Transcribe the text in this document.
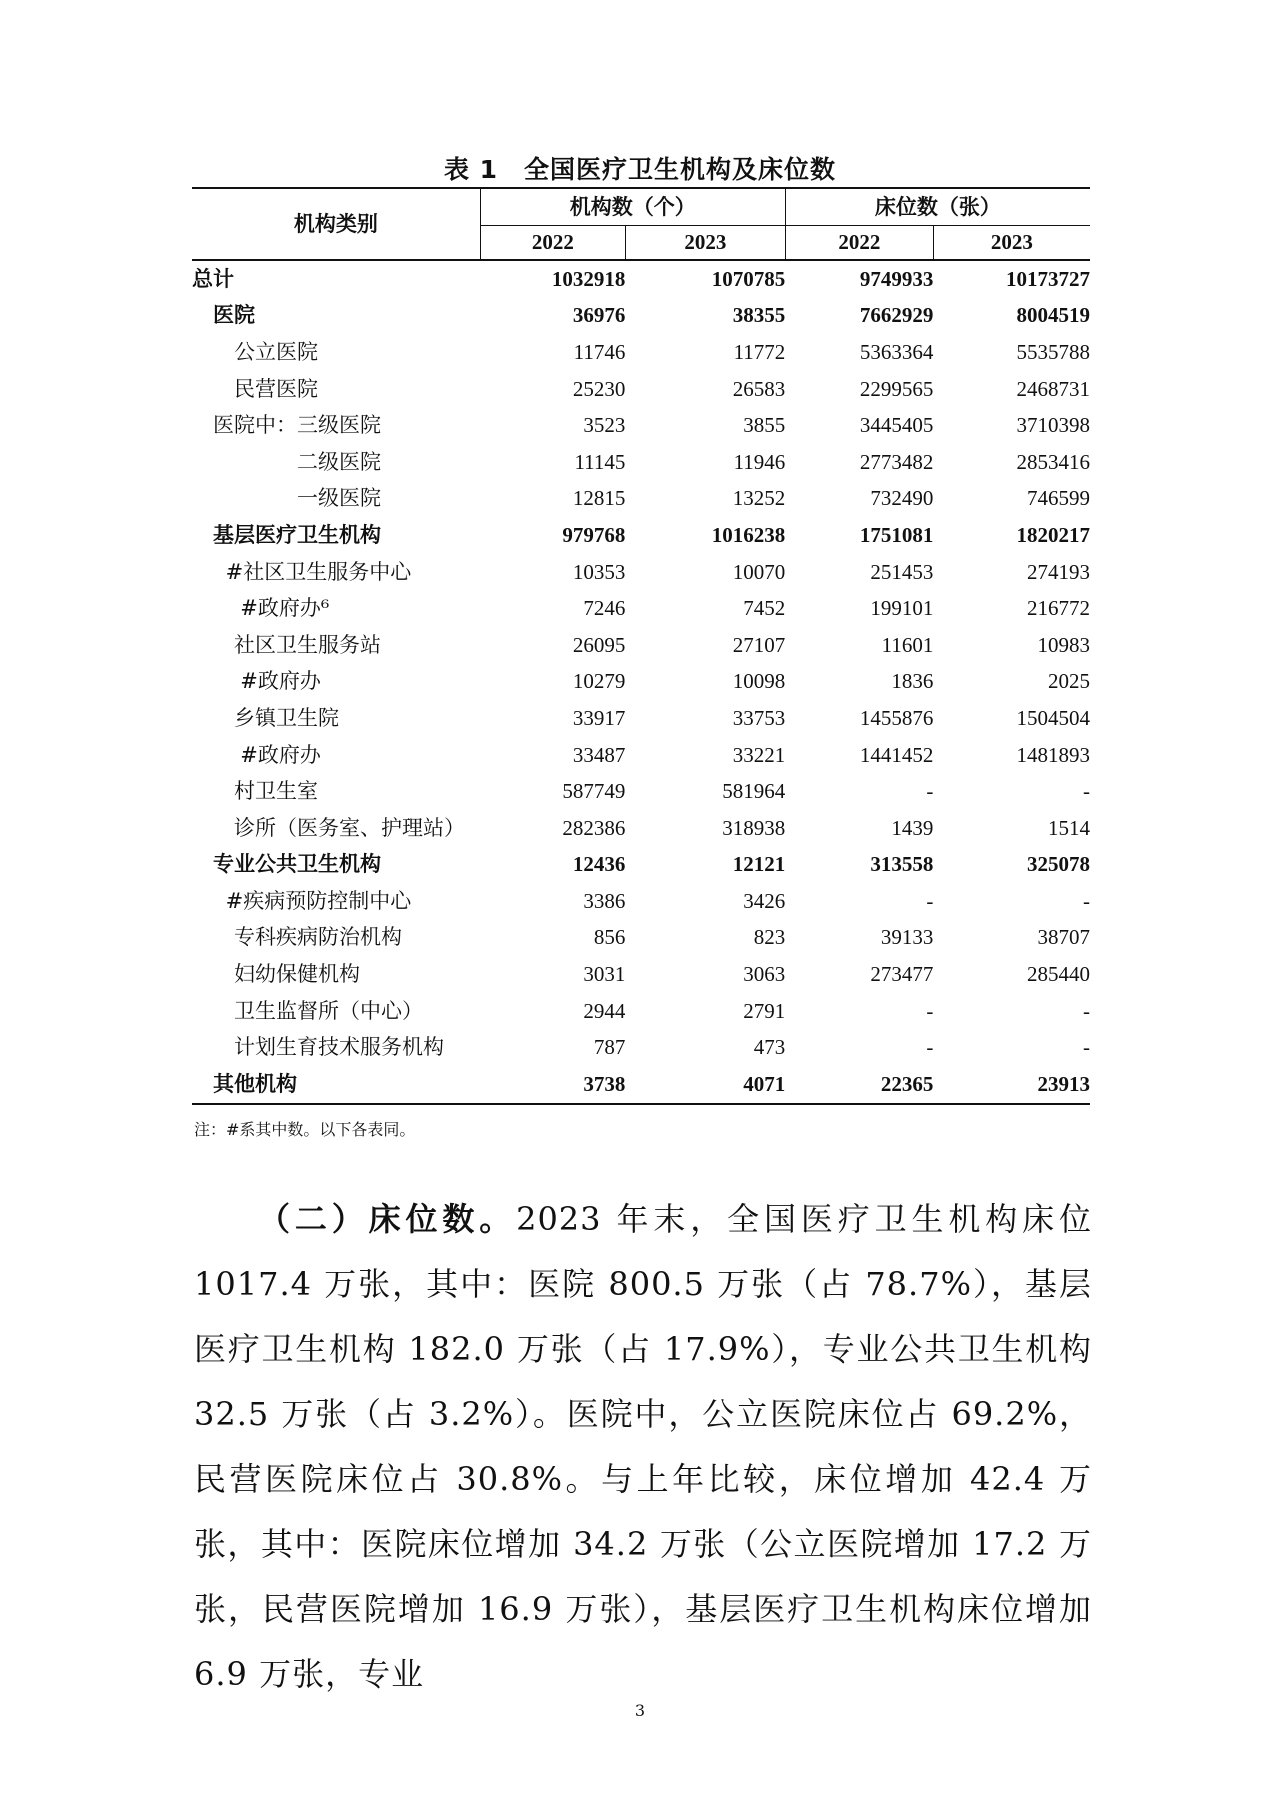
表 1　全国医疗卫生机构及床位数
机构类别	机构数（个）		床位数（张）	
	2022	2023	2022	2023
总计	1032918	1070785	9749933	10173727
医院	36976	38355	7662929	8004519
公立医院	11746	11772	5363364	5535788
民营医院	25230	26583	2299565	2468731
医院中：三级医院	3523	3855	3445405	3710398
二级医院	11145	11946	2773482	2853416
一级医院	12815	13252	732490	746599
基层医疗卫生机构	979768	1016238	1751081	1820217
#社区卫生服务中心	10353	10070	251453	274193
#政府办⁶	7246	7452	199101	216772
社区卫生服务站	26095	27107	11601	10983
#政府办	10279	10098	1836	2025
乡镇卫生院	33917	33753	1455876	1504504
#政府办	33487	33221	1441452	1481893
村卫生室	587749	581964	-	-
诊所（医务室、护理站）	282386	318938	1439	1514
专业公共卫生机构	12436	12121	313558	325078
#疾病预防控制中心	3386	3426	-	-
专科疾病防治机构	856	823	39133	38707
妇幼保健机构	3031	3063	273477	285440
卫生监督所（中心）	2944	2791	-	-
计划生育技术服务机构	787	473	-	-
其他机构	3738	4071	22365	23913
注：#系其中数。以下各表同。

（二）床位数。2023 年末，全国医疗卫生机构床位 1017.4 万张，其中：医院 800.5 万张（占 78.7%），基层医疗卫生机构 182.0 万张（占 17.9%），专业公共卫生机构 32.5 万张（占 3.2%）。医院中，公立医院床位占 69.2%，民营医院床位占 30.8%。与上年比较，床位增加 42.4 万张，其中：医院床位增加 34.2 万张（公立医院增加 17.2 万张，民营医院增加 16.9 万张），基层医疗卫生机构床位增加 6.9 万张，专业

3
